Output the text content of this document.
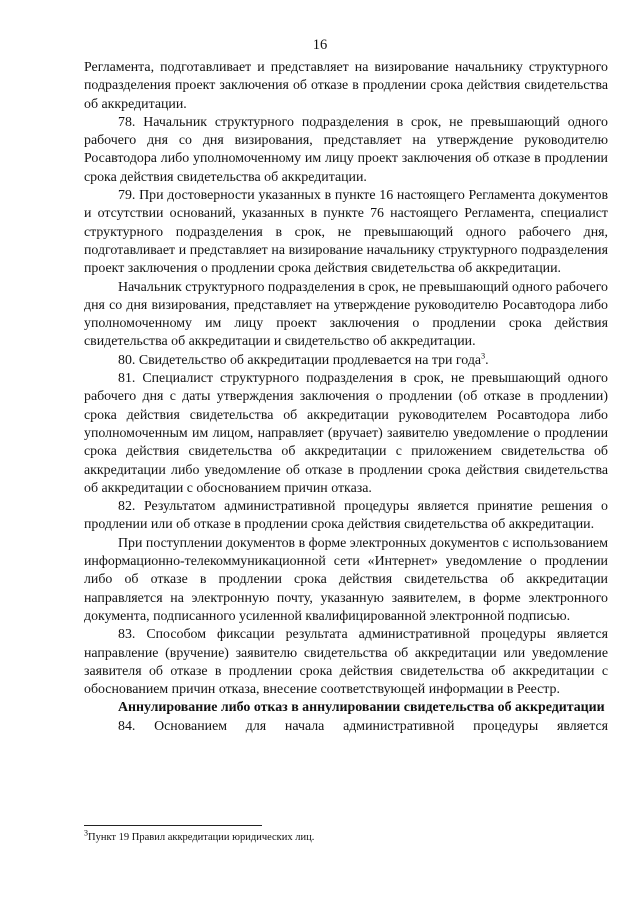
16

Регламента, подготавливает и представляет на визирование начальнику структурного подразделения проект заключения об отказе в продлении срока действия свидетельства об аккредитации.

78. Начальник структурного подразделения в срок, не превышающий одного рабочего дня со дня визирования, представляет на утверждение руководителю Росавтодора либо уполномоченному им лицу проект заключения об отказе в продлении срока действия свидетельства об аккредитации.

79. При достоверности указанных в пункте 16 настоящего Регламента документов и отсутствии оснований, указанных в пункте 76 настоящего Регламента, специалист структурного подразделения в срок, не превышающий одного рабочего дня, подготавливает и представляет на визирование начальнику структурного подразделения проект заключения о продлении срока действия свидетельства об аккредитации.

Начальник структурного подразделения в срок, не превышающий одного рабочего дня со дня визирования, представляет на утверждение руководителю Росавтодора либо уполномоченному им лицу проект заключения о продлении срока действия свидетельства об аккредитации и свидетельство об аккредитации.

80. Свидетельство об аккредитации продлевается на три года$^3$.

81. Специалист структурного подразделения в срок, не превышающий одного рабочего дня с даты утверждения заключения о продлении (об отказе в продлении) срока действия свидетельства об аккредитации руководителем Росавтодора либо уполномоченным им лицом, направляет (вручает) заявителю уведомление о продлении срока действия свидетельства об аккредитации с приложением свидетельства об аккредитации либо уведомление об отказе в продлении срока действия свидетельства об аккредитации с обоснованием причин отказа.

82. Результатом административной процедуры является принятие решения о продлении или об отказе в продлении срока действия свидетельства об аккредитации.

При поступлении документов в форме электронных документов с использованием информационно-телекоммуникационной сети «Интернет» уведомление о продлении либо об отказе в продлении срока действия свидетельства об аккредитации направляется на электронную почту, указанную заявителем, в форме электронного документа, подписанного усиленной квалифицированной электронной подписью.

83. Способом фиксации результата административной процедуры является направление (вручение) заявителю свидетельства об аккредитации или уведомление заявителя об отказе в продлении срока действия свидетельства об аккредитации с обоснованием причин отказа, внесение соответствующей информации в Реестр.

Аннулирование либо отказ в аннулировании свидетельства об аккредитации

84. Основанием для начала административной процедуры является

$^3$Пункт 19 Правил аккредитации юридических лиц.
